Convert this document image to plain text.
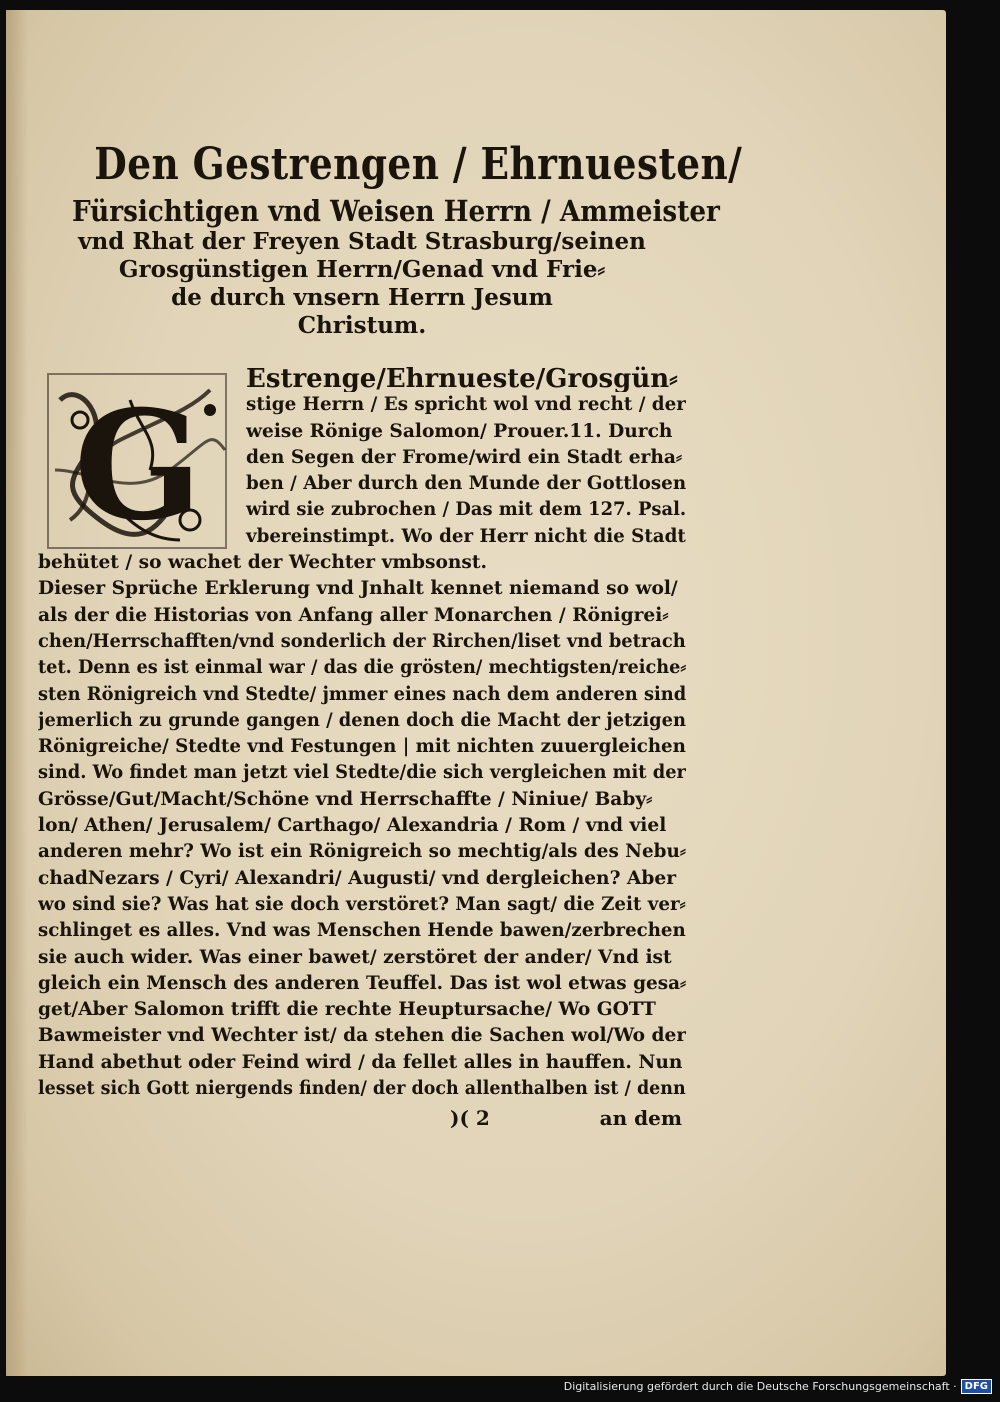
Den Gestrengen / Ehrnuesten/
Fürsichtigen vnd Weisen Herrn / Ammeister
vnd Rhat der Freyen Stadt Strasburg/seinen
Grosgünstigen Herrn/Genad vnd Frie⸗
de durch vnsern Herrn Jesum
Christum.
G	Estrenge/Ehrnueste/Grosgün⸗
stige Herrn / Es spricht wol vnd recht / der
weise Rönige Salomon/ Prouer.11. Durch
den Segen der Frome/wird ein Stadt erha⸗
ben / Aber durch den Munde der Gottlosen
wird sie zubrochen / Das mit dem 127. Psal.
vbereinstimpt. Wo der Herr nicht die Stadt
behütet / so wachet der Wechter vmbsonst.
Dieser Sprüche Erklerung vnd Jnhalt kennet niemand so wol/
als der die Historias von Anfang aller Monarchen / Rönigrei⸗
chen/Herrschafften/vnd sonderlich der Rirchen/liset vnd betrach
tet. Denn es ist einmal war / das die grösten/ mechtigsten/reiche⸗
sten Rönigreich vnd Stedte/ jmmer eines nach dem anderen sind
jemerlich zu grunde gangen / denen doch die Macht der jetzigen
Rönigreiche/ Stedte vnd Festungen | mit nichten zuuergleichen
sind. Wo findet man jetzt viel Stedte/die sich vergleichen mit der
Grösse/Gut/Macht/Schöne vnd Herrschaffte / Niniue/ Baby⸗
lon/ Athen/ Jerusalem/ Carthago/ Alexandria / Rom / vnd viel
anderen mehr? Wo ist ein Rönigreich so mechtig/als des Nebu⸗
chadNezars / Cyri/ Alexandri/ Augusti/ vnd dergleichen? Aber
wo sind sie? Was hat sie doch verstöret? Man sagt/ die Zeit ver⸗
schlinget es alles. Vnd was Menschen Hende bawen/zerbrechen
sie auch wider. Was einer bawet/ zerstöret der ander/ Vnd ist
gleich ein Mensch des anderen Teuffel. Das ist wol etwas gesa⸗
get/Aber Salomon trifft die rechte Heuptursache/ Wo GOTT
Bawmeister vnd Wechter ist/ da stehen die Sachen wol/Wo der
Hand abethut oder Feind wird / da fellet alles in hauffen. Nun
lesset sich Gott niergends finden/ der doch allenthalben ist / denn
)( 2	an dem
Digitalisierung gefördert durch die Deutsche Forschungsgemeinschaft · DFG
